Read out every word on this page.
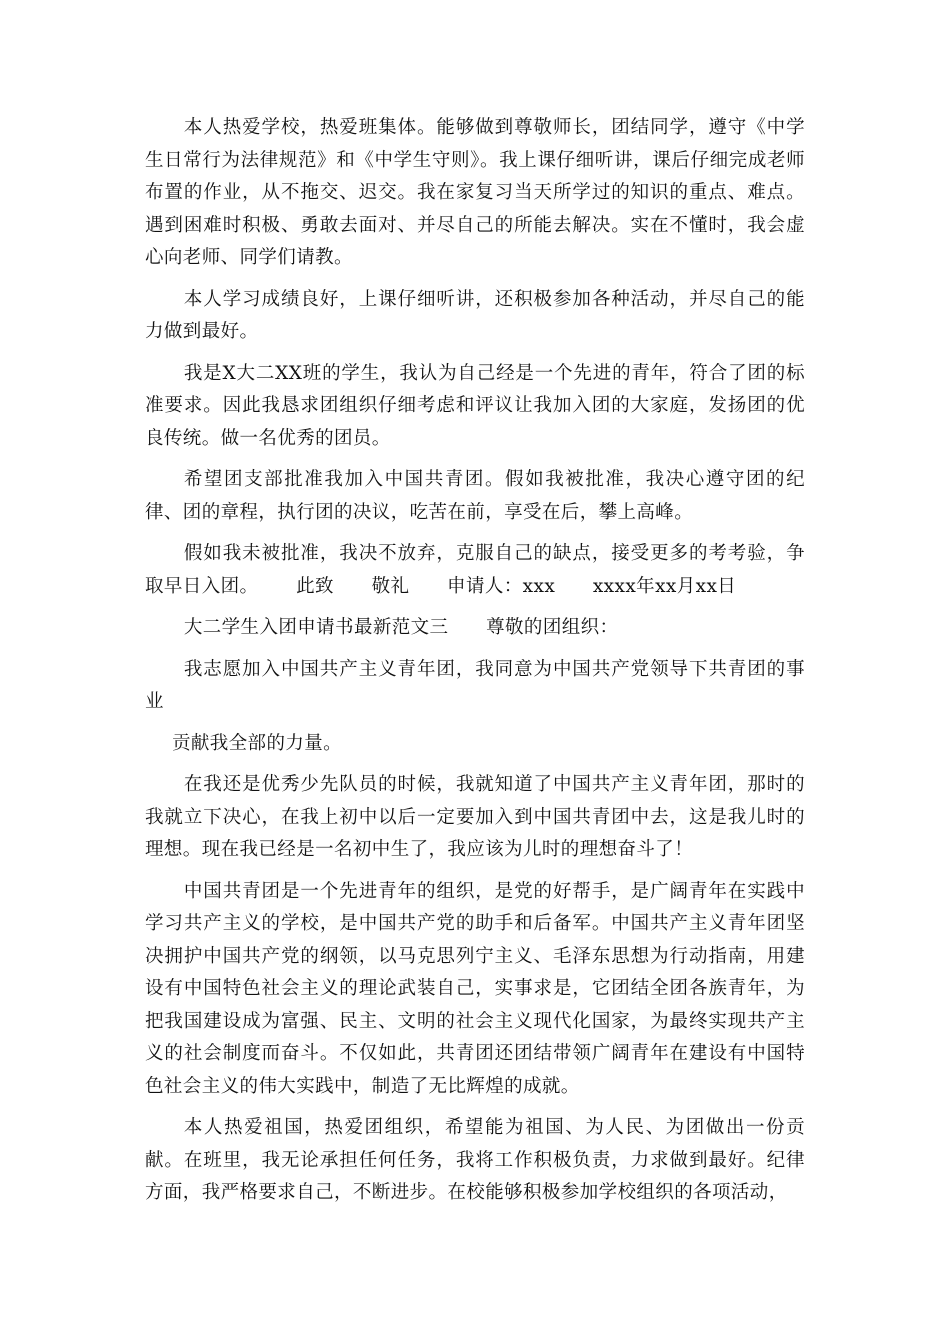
本人热爱学校，热爱班集体。能够做到尊敬师长，团结同学，遵守《中学生日常行为法律规范》和《中学生守则》。我上课仔细听讲，课后仔细完成老师布置的作业，从不拖交、迟交。我在家复习当天所学过的知识的重点、难点。      遇到困难时积极、勇敢去面对、并尽自己的所能去解决。实在不懂时，我会虚心向老师、同学们请教。

本人学习成绩良好，上课仔细听讲，还积极参加各种活动，并尽自己的能力做到最好。

我是X大二XX班的学生，我认为自己经是一个先进的青年，符合了团的标准要求。因此我恳求团组织仔细考虑和评议让我加入团的大家庭，发扬团的优良传统。做一名优秀的团员。

希望团支部批准我加入中国共青团。假如我被批准，我决心遵守团的纪律、团的章程，执行团的决议，吃苦在前，享受在后，攀上高峰。

假如我未被批准，我决不放弃，克服自己的缺点，接受更多的考考验，争取早日入团。      此致      敬礼      申请人：xxx      xxxx年xx月xx日

大二学生入团申请书最新范文三      尊敬的团组织：

我志愿加入中国共产主义青年团，我同意为中国共产党领导下共青团的事业

贡献我全部的力量。

在我还是优秀少先队员的时候，我就知道了中国共产主义青年团，那时的我就立下决心，在我上初中以后一定要加入到中国共青团中去，这是我儿时的理想。现在我已经是一名初中生了，我应该为儿时的理想奋斗了！

中国共青团是一个先进青年的组织，是党的好帮手，是广阔青年在实践中学习共产主义的学校，是中国共产党的助手和后备军。中国共产主义青年团坚决拥护中国共产党的纲领，以马克思列宁主义、毛泽东思想为行动指南，用建设有中国特色社会主义的理论武装自己，实事求是，它团结全团各族青年，为把我国建设成为富强、民主、文明的社会主义现代化国家，为最终实现共产主义的社会制度而奋斗。不仅如此，共青团还团结带领广阔青年在建设有中国特色社会主义的伟大实践中，制造了无比辉煌的成就。

本人热爱祖国，热爱团组织，希望能为祖国、为人民、为团做出一份贡献。在班里，我无论承担任何任务，我将工作积极负责，力求做到最好。纪律方面，我严格要求自己，不断进步。在校能够积极参加学校组织的各项活动，
